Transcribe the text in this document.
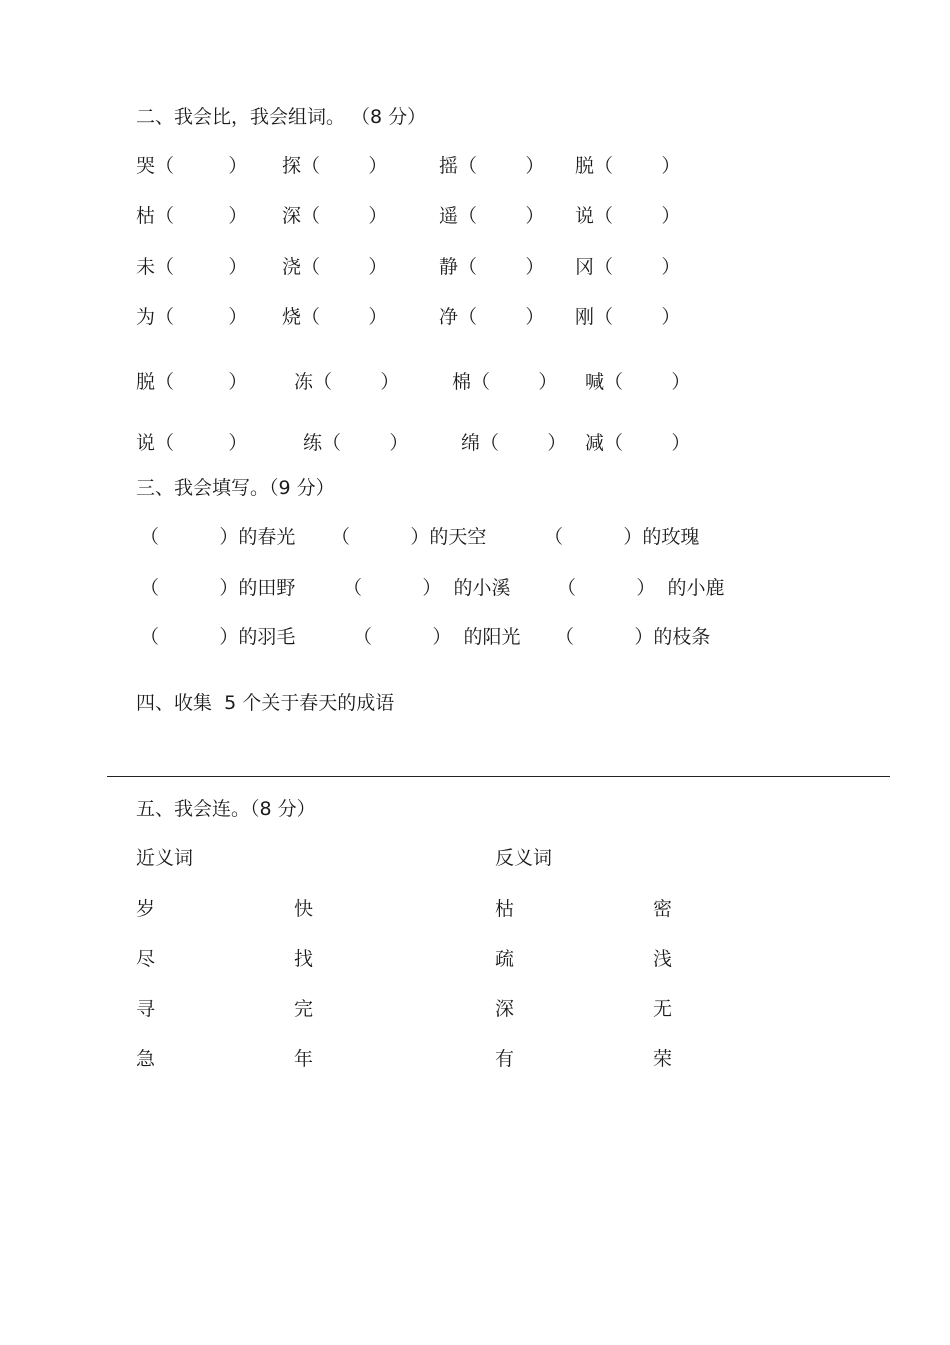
二、我会比，我会组词。 （8 分）
哭（         ） 探（        ）	摇（        ） 脱（        ）
枯（         ） 深（        ）	遥（        ） 说（        ）
未（         ） 浇（        ）	静（        ） 冈（        ）
为（         ） 烧（        ）	净（        ） 刚（        ）
脱（         ） 冻（        ）	棉（        ） 喊（        ）
说（         ）	练（        ）	绵（        ） 减（        ）
三、我会填写。（9 分）
（          ）的春光 （          ）的天空	（          ）的玫瑰
（          ）的田野	（          ）  的小溪 （          ）  的小鹿
（          ）的羽毛	（          ）  的阳光 （          ）的枝条
四、收集  5 个关于春天的成语
五、我会连。（8 分）
近义词	反义词
岁	快	枯	密
尽	找	疏	浅
寻	完	深	无
急	年	有	荣
